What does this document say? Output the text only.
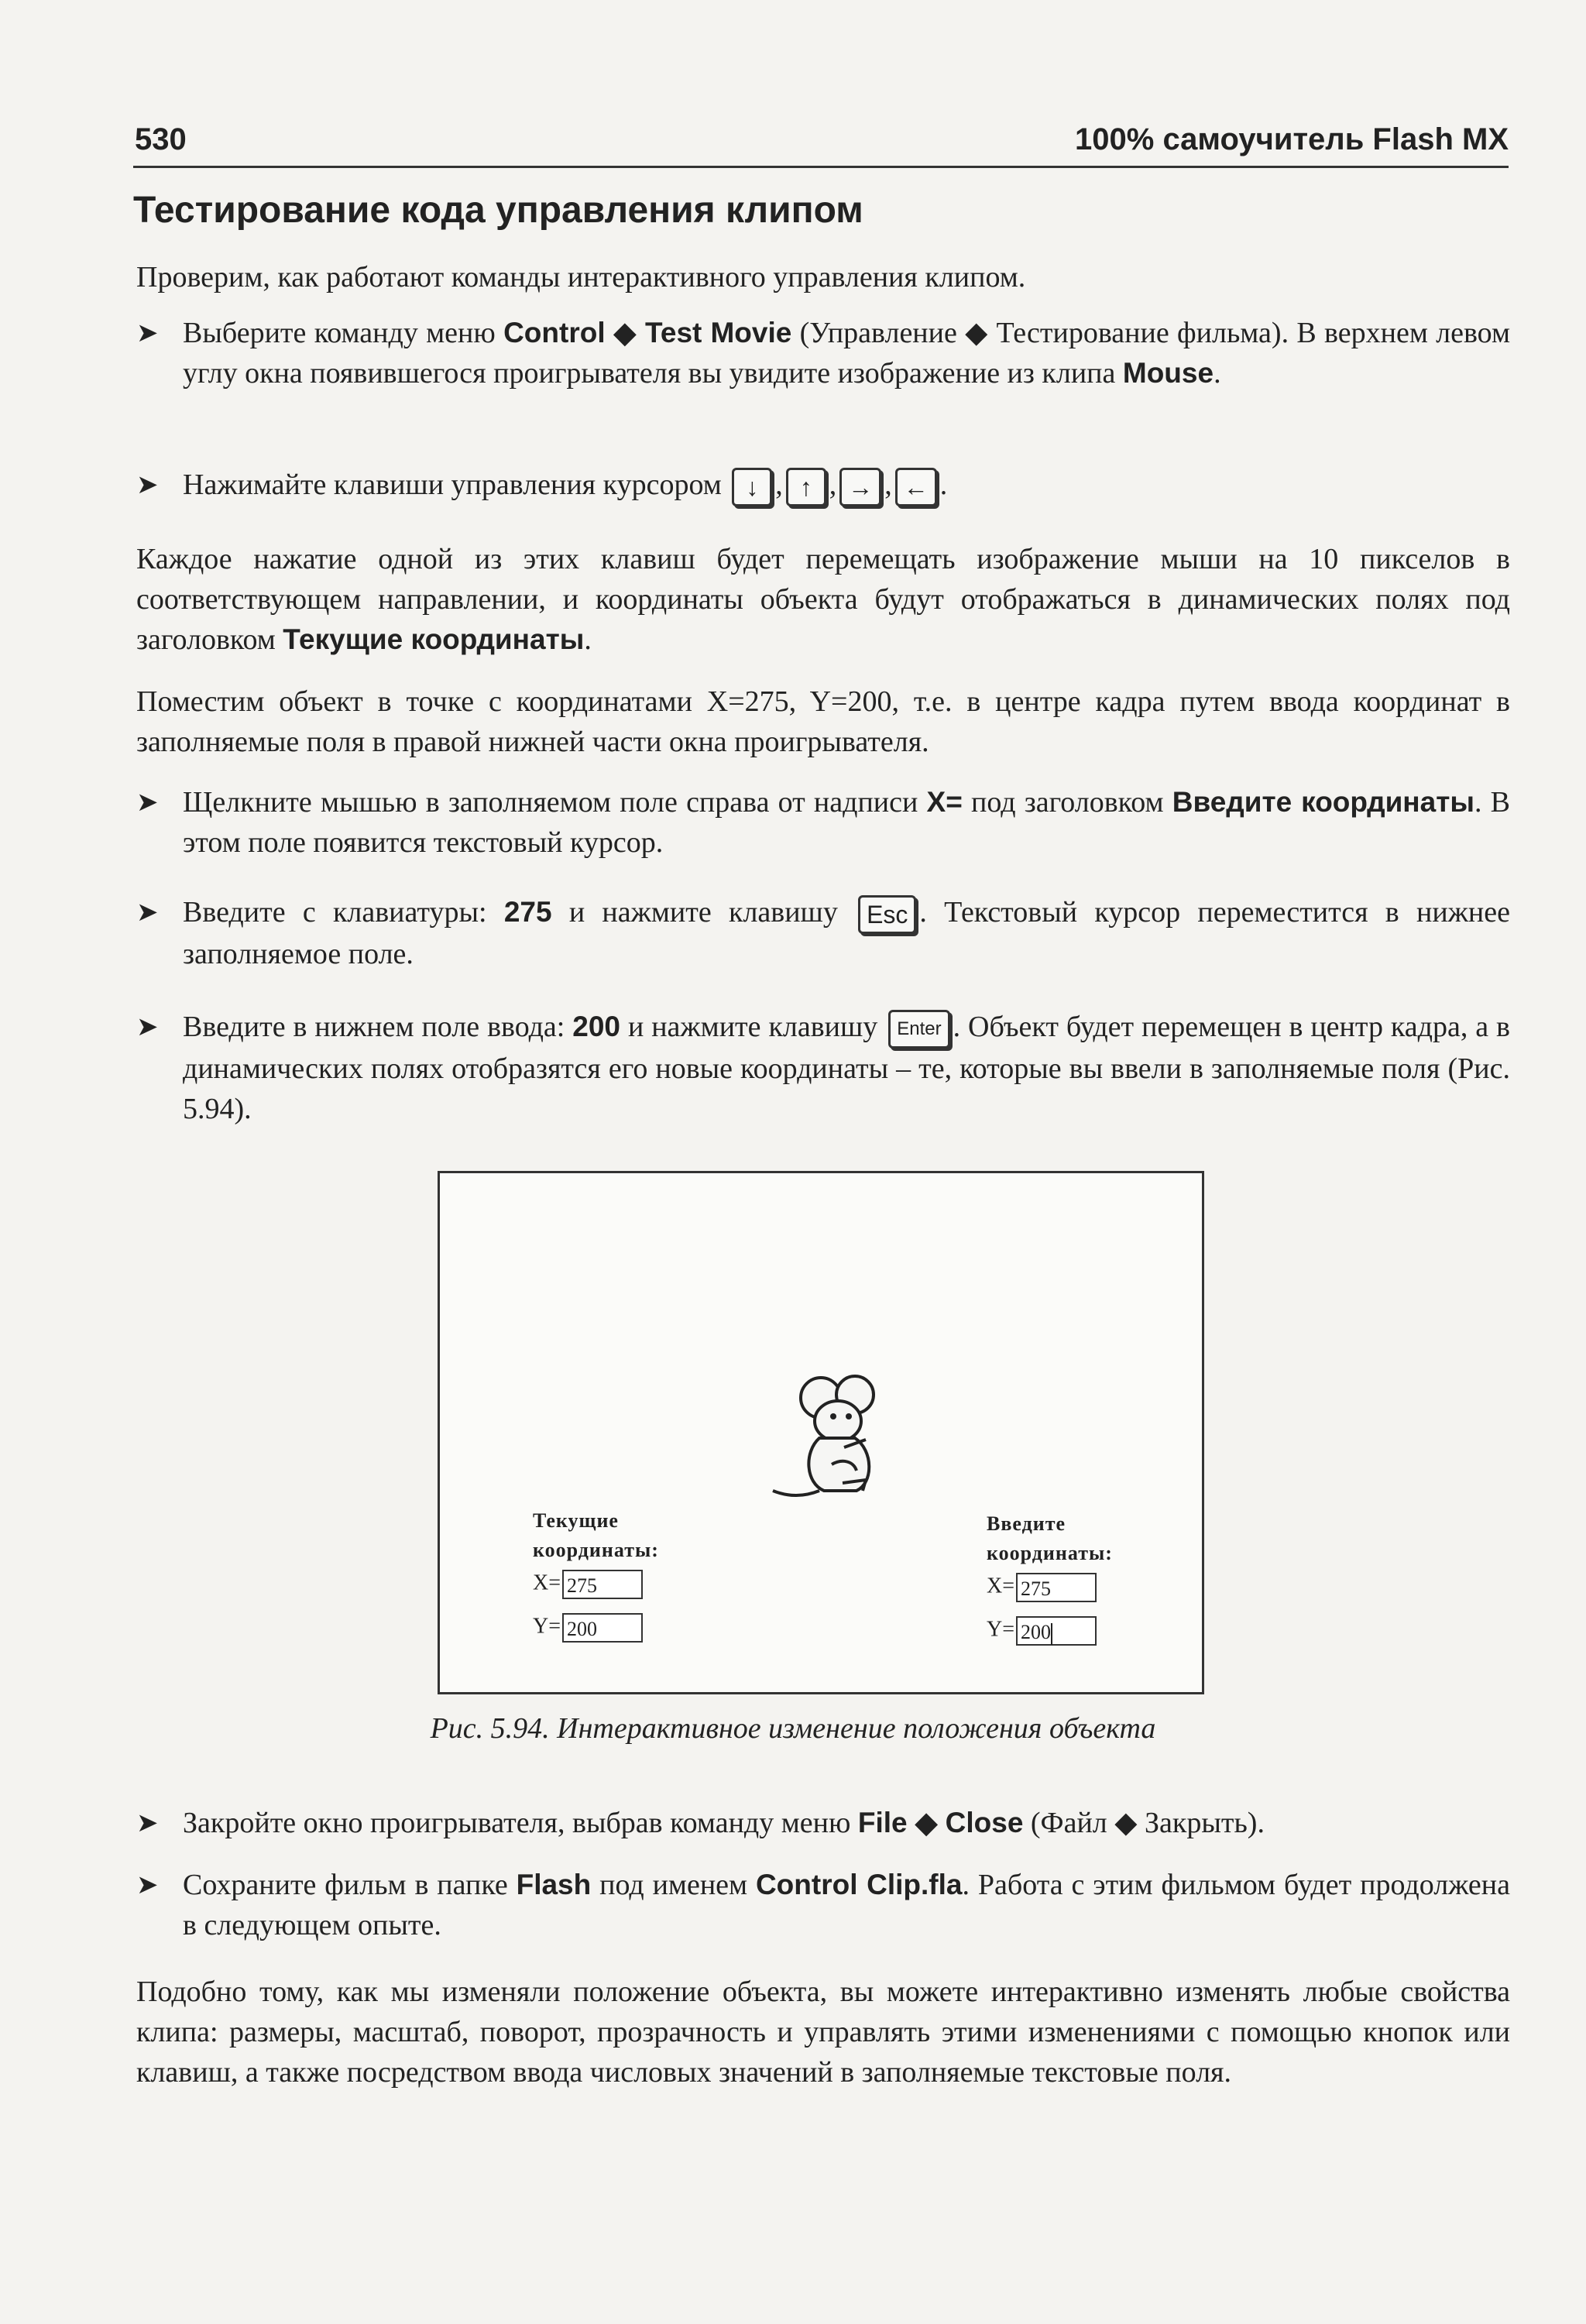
530	100% самоучитель Flash MX
Тестирование кода управления клипом

Проверим, как работают команды интерактивного управления клипом.

➤ Выберите команду меню Control ◆ Test Movie (Управление ◆ Тестирование фильма). В верхнем левом углу окна появившегося проигрывателя вы увидите изображение из клипа Mouse.

➤ Нажимайте клавиши управления курсором ↓ , ↑ , → , ← .

Каждое нажатие одной из этих клавиш будет перемещать изображение мыши на 10 пикселов в соответствующем направлении, и координаты объекта будут отображаться в динамических полях под заголовком Текущие координаты.

Поместим объект в точке с координатами X=275, Y=200, т.е. в центре кадра путем ввода координат в заполняемые поля в правой нижней части окна проигрывателя.

➤ Щелкните мышью в заполняемом поле справа от надписи X= под заголовком Введите координаты. В этом поле появится текстовый курсор.

➤ Введите с клавиатуры: 275 и нажмите клавишу Esc . Текстовый курсор переместится в нижнее заполняемое поле.

➤ Введите в нижнем поле ввода: 200 и нажмите клавишу Enter . Объект будет перемещен в центр кадра, а в динамических полях отобразятся его новые координаты – те, которые вы ввели в заполняемые поля (Рис. 5.94).

Текущие
координаты:
X= 275
Y= 200
Введите
координаты:
X= 275
Y= 200

Рис. 5.94. Интерактивное изменение положения объекта

➤ Закройте окно проигрывателя, выбрав команду меню File ◆ Close (Файл ◆ Закрыть).

➤ Сохраните фильм в папке Flash под именем Control Clip.fla. Работа с этим фильмом будет продолжена в следующем опыте.

Подобно тому, как мы изменяли положение объекта, вы можете интерактивно изменять любые свойства клипа: размеры, масштаб, поворот, прозрачность и управлять этими изменениями с помощью кнопок или клавиш, а также посредством ввода числовых значений в заполняемые текстовые поля.
